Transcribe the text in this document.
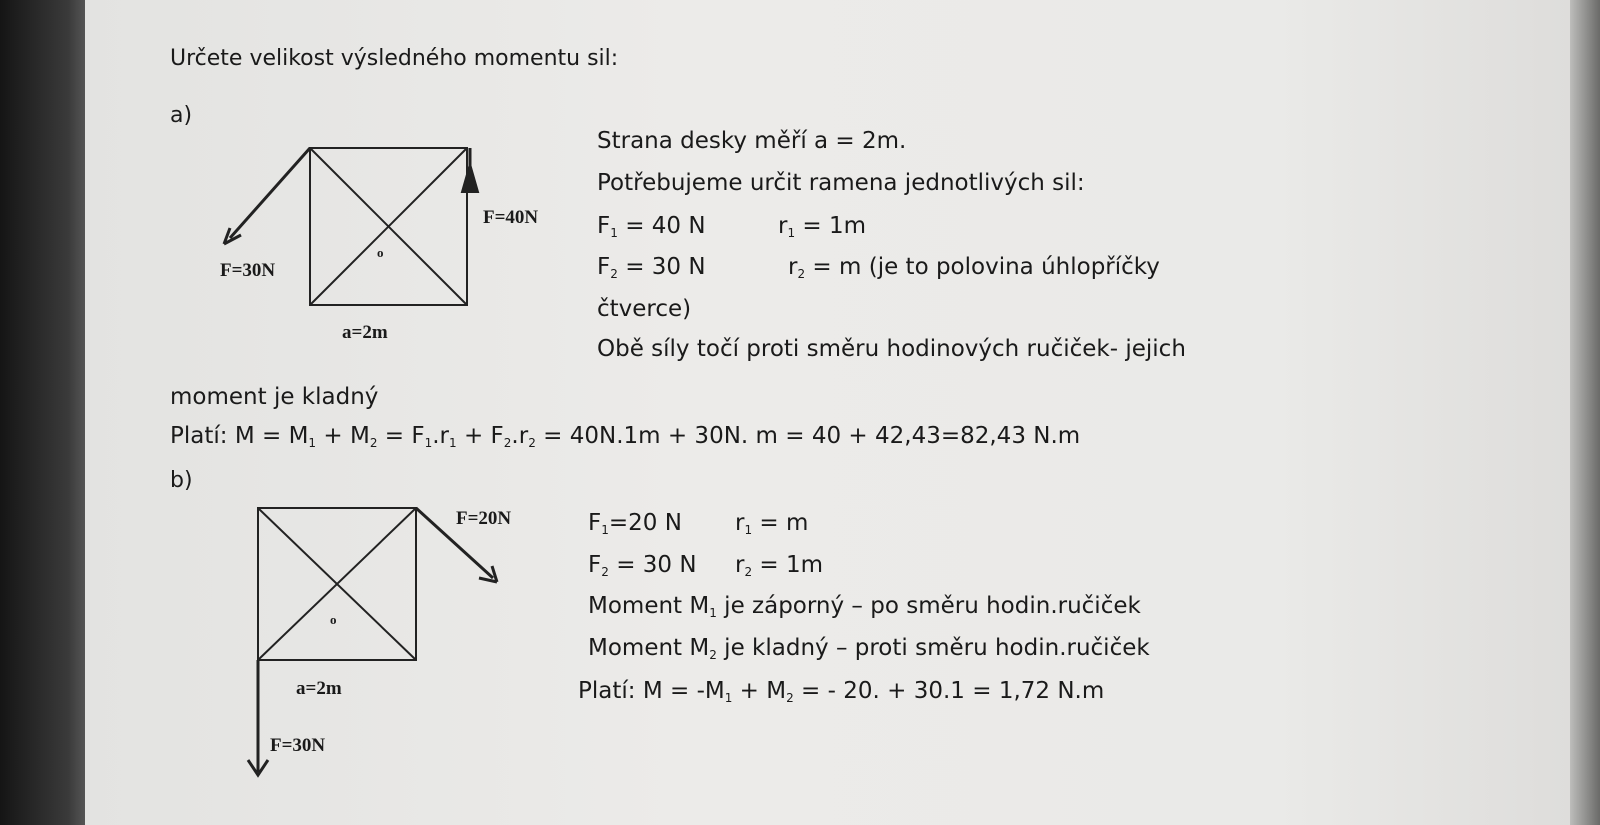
Určete velikost výsledného momentu sil:
a)
F=40N
F=30N
o
a=2m
Strana desky měří a = 2m.
Potřebujeme určit ramena jednotlivých sil:
$F_1 = 40$ N	$r_1 = 1m$
$F_2 = 30$ N	$r_2 = m$ (je to polovina úhlopříčky
čtverce)
Obě síly točí proti směru hodinových ručiček- jejich
moment je kladný
Platí: $M = M_1 + M_2 = F_1.r_1 + F_2.r_2 = 40N.1m + 30N$. m = 40 + 42,43=82,43 N.m
b)
F=20N
o
a=2m
F=30N
$F_1=20$ N $r_1 = m$
$F_2 = 30$ N $r_2 = 1m$
Moment $M_1$ je záporný – po směru hodin.ručiček
Moment $M_2$ je kladný – proti směru hodin.ručiček
Platí: $M = -M_1 + M_2$ = - 20. + 30.1 = 1,72 N.m
